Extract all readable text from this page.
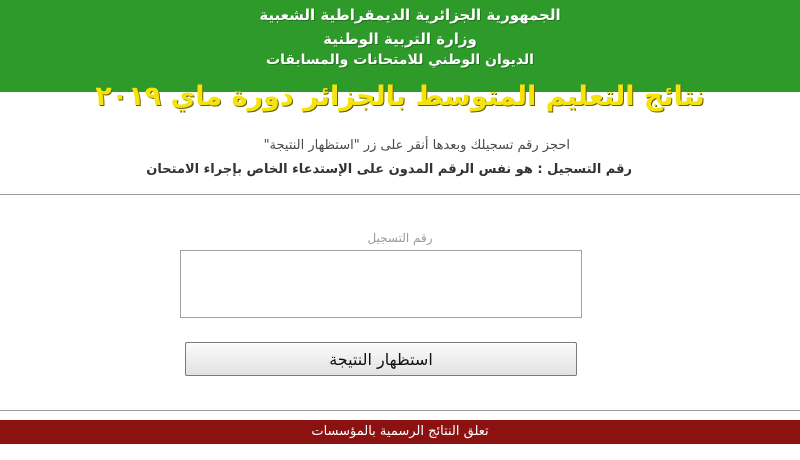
الجمهورية الجزائرية الديمقراطية الشعبية
وزارة التربية الوطنية
الديوان الوطني للامتحانات والمسابقات
نتائج التعليم المتوسط بالجزائر دورة ماي ٢٠١٩
احجز رقم تسجيلك وبعدها أنقر على زر "استظهار النتيجة"
رقم التسجيل : هو نفس الرقم المدون على الإستدعاء الخاص بإجراء الامتحان
رقم التسجيل
استظهار النتيجة
تعلق النتائج الرسمية بالمؤسسات
